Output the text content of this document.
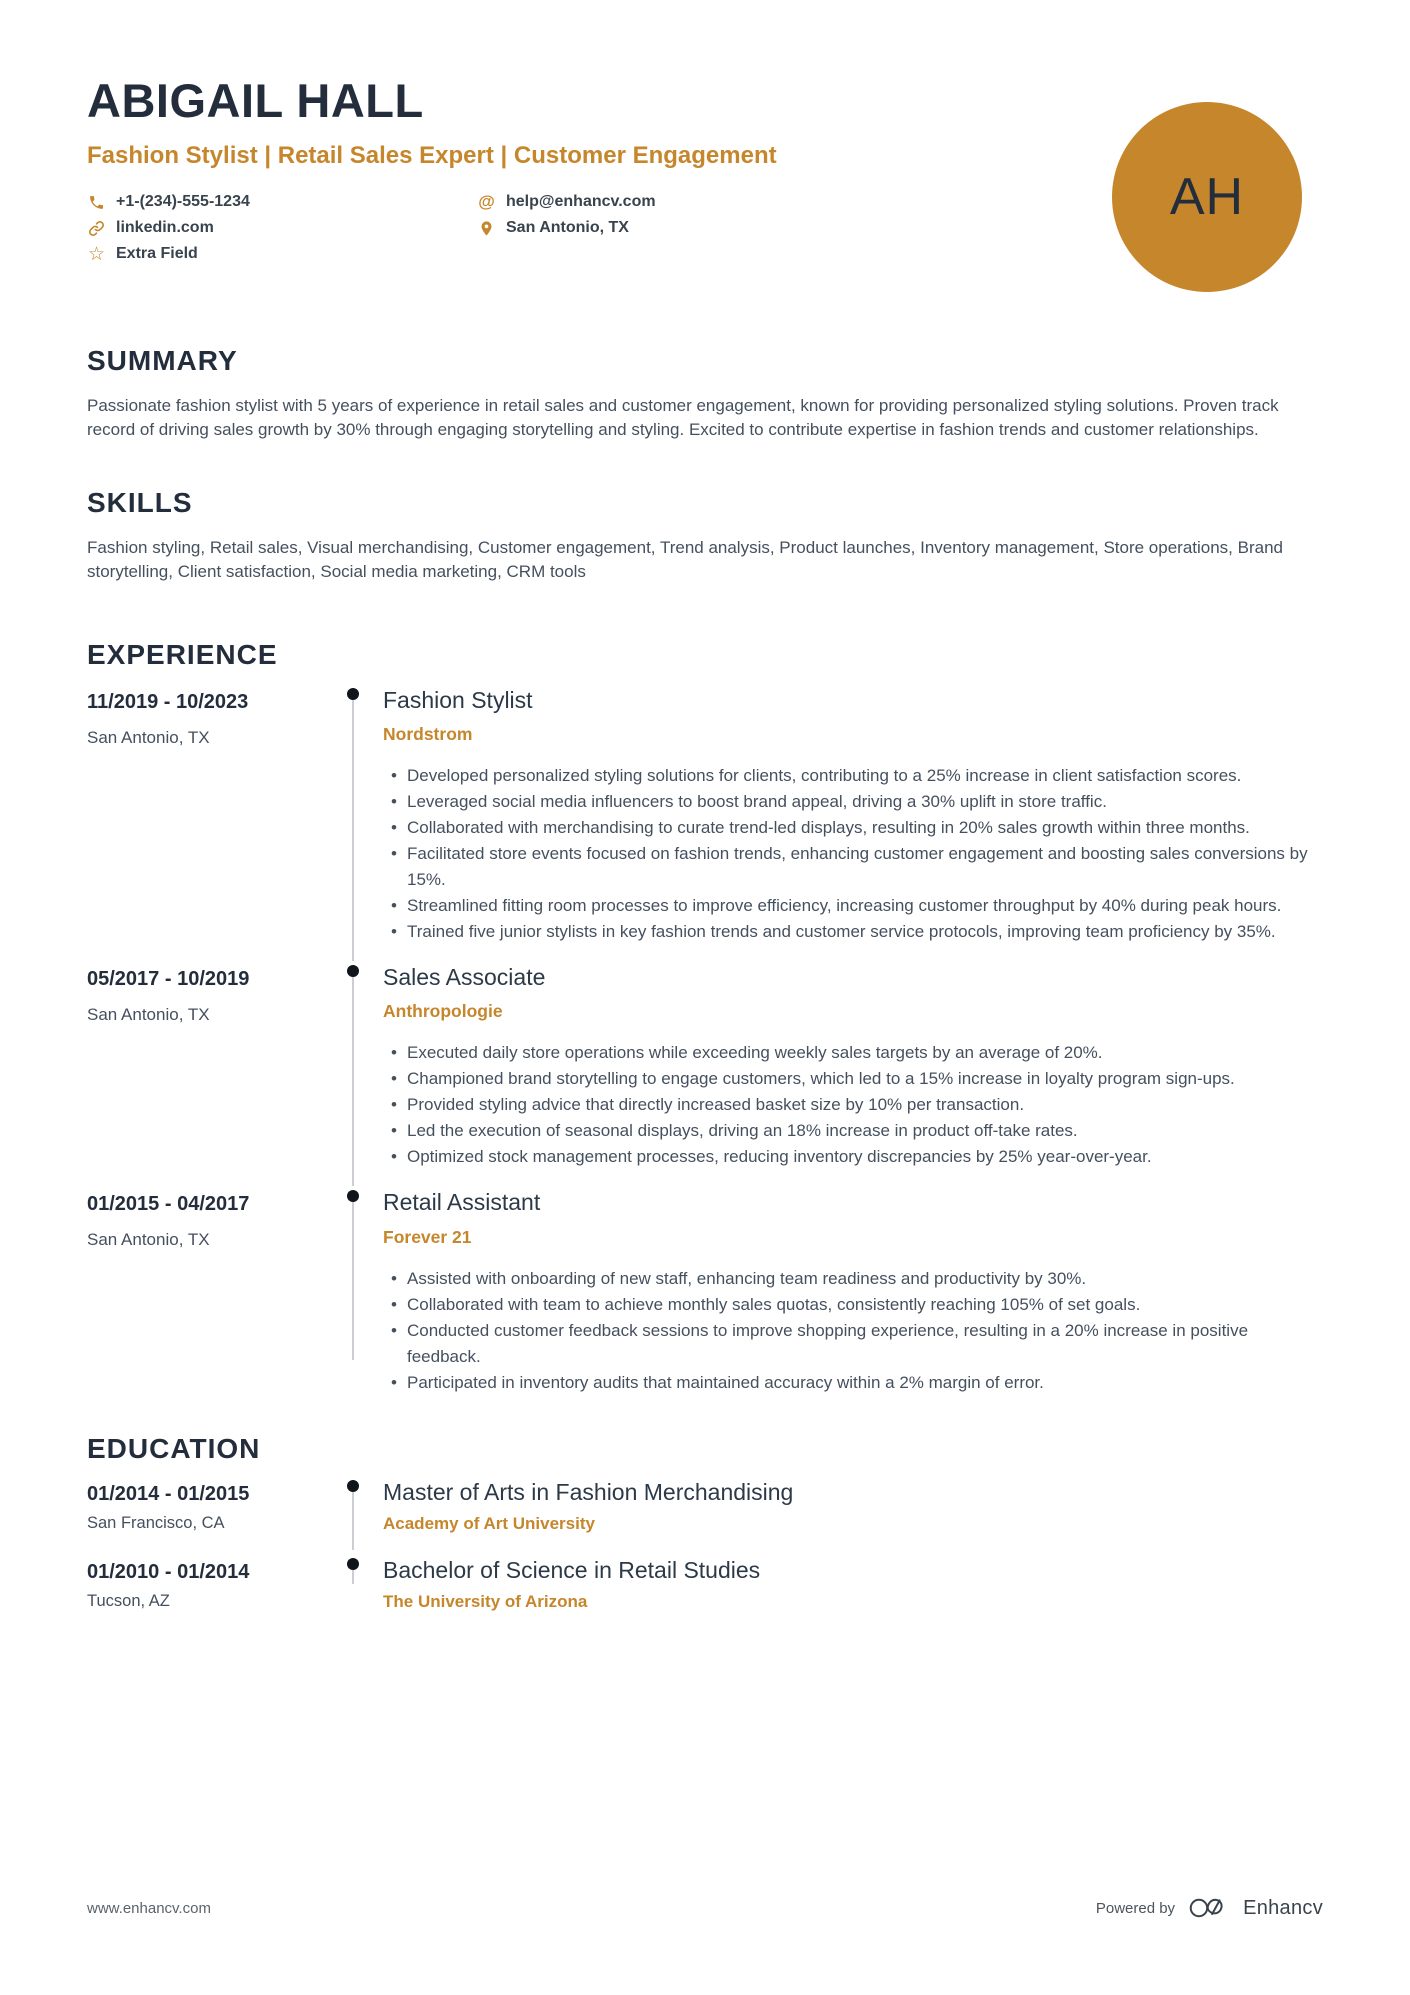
ABIGAIL HALL
Fashion Stylist | Retail Sales Expert | Customer Engagement
+1-(234)-555-1234
linkedin.com
☆ Extra Field
@ help@enhancv.com
San Antonio, TX
AH
SUMMARY
Passionate fashion stylist with 5 years of experience in retail sales and customer engagement, known for providing personalized styling solutions. Proven track record of driving sales growth by 30% through engaging storytelling and styling. Excited to contribute expertise in fashion trends and customer relationships.
SKILLS
Fashion styling, Retail sales, Visual merchandising, Customer engagement, Trend analysis, Product launches, Inventory management, Store operations, Brand storytelling, Client satisfaction, Social media marketing, CRM tools
EXPERIENCE
11/2019 - 10/2023
San Antonio, TX
Fashion Stylist
Nordstrom
• Developed personalized styling solutions for clients, contributing to a 25% increase in client satisfaction scores.
• Leveraged social media influencers to boost brand appeal, driving a 30% uplift in store traffic.
• Collaborated with merchandising to curate trend-led displays, resulting in 20% sales growth within three months.
• Facilitated store events focused on fashion trends, enhancing customer engagement and boosting sales conversions by 15%.
• Streamlined fitting room processes to improve efficiency, increasing customer throughput by 40% during peak hours.
• Trained five junior stylists in key fashion trends and customer service protocols, improving team proficiency by 35%.
05/2017 - 10/2019
San Antonio, TX
Sales Associate
Anthropologie
• Executed daily store operations while exceeding weekly sales targets by an average of 20%.
• Championed brand storytelling to engage customers, which led to a 15% increase in loyalty program sign-ups.
• Provided styling advice that directly increased basket size by 10% per transaction.
• Led the execution of seasonal displays, driving an 18% increase in product off-take rates.
• Optimized stock management processes, reducing inventory discrepancies by 25% year-over-year.
01/2015 - 04/2017
San Antonio, TX
Retail Assistant
Forever 21
• Assisted with onboarding of new staff, enhancing team readiness and productivity by 30%.
• Collaborated with team to achieve monthly sales quotas, consistently reaching 105% of set goals.
• Conducted customer feedback sessions to improve shopping experience, resulting in a 20% increase in positive feedback.
• Participated in inventory audits that maintained accuracy within a 2% margin of error.
EDUCATION
01/2014 - 01/2015
San Francisco, CA
Master of Arts in Fashion Merchandising
Academy of Art University
01/2010 - 01/2014
Tucson, AZ
Bachelor of Science in Retail Studies
The University of Arizona
www.enhancv.com	Powered by	Enhancv
